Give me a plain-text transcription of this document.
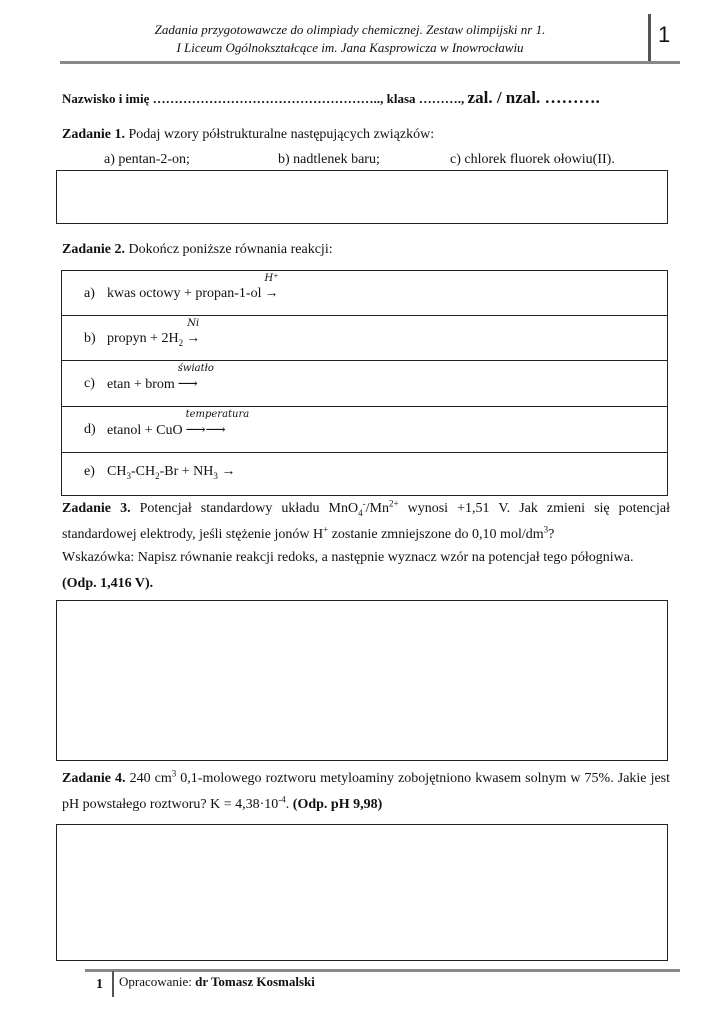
Zadania przygotowawcze do olimpiady chemicznej. Zestaw olimpijski nr 1.
I Liceum Ogólnokształcące im. Jana Kasprowicza w Inowrocławiu
1
Nazwisko i imię …………………………………………….., klasa ………., zal. / nzal. ……….
Zadanie 1. Podaj wzory półstrukturalne następujących związków:
a) pentan-2-on;	b) nadtlenek baru;	c) chlorek fluorek ołowiu(II).
Zadanie 2. Dokończ poniższe równania reakcji:
a) kwas octowy + propan-1-ol
H⁺
→
b) propyn + $2H_2$
Ni
→
c) etan + brom
światło
⟶
d) etanol + CuO
temperatura
⟶⟶
e) $CH_3-CH_2-Br + NH_3$ →
Zadanie 3. Potencjał standardowy układu $MnO_4^-/Mn^{2+}$ wynosi +1,51 V. Jak zmieni się potencjał standardowej elektrody, jeśli stężenie jonów H+ zostanie zmniejszone do 0,10 mol/$dm^3$?
Wskazówka: Napisz równanie reakcji redoks, a następnie wyznacz wzór na potencjał tego półogniwa.
(Odp. 1,416 V).
Zadanie 4. 240 $cm^3$ 0,1-molowego roztworu metyloaminy zobojętniono kwasem solnym w 75%. Jakie jest pH powstałego roztworu? $K = 4,38\cdot 10^{-4}$. (Odp. pH 9,98)
1 Opracowanie: dr Tomasz Kosmalski
